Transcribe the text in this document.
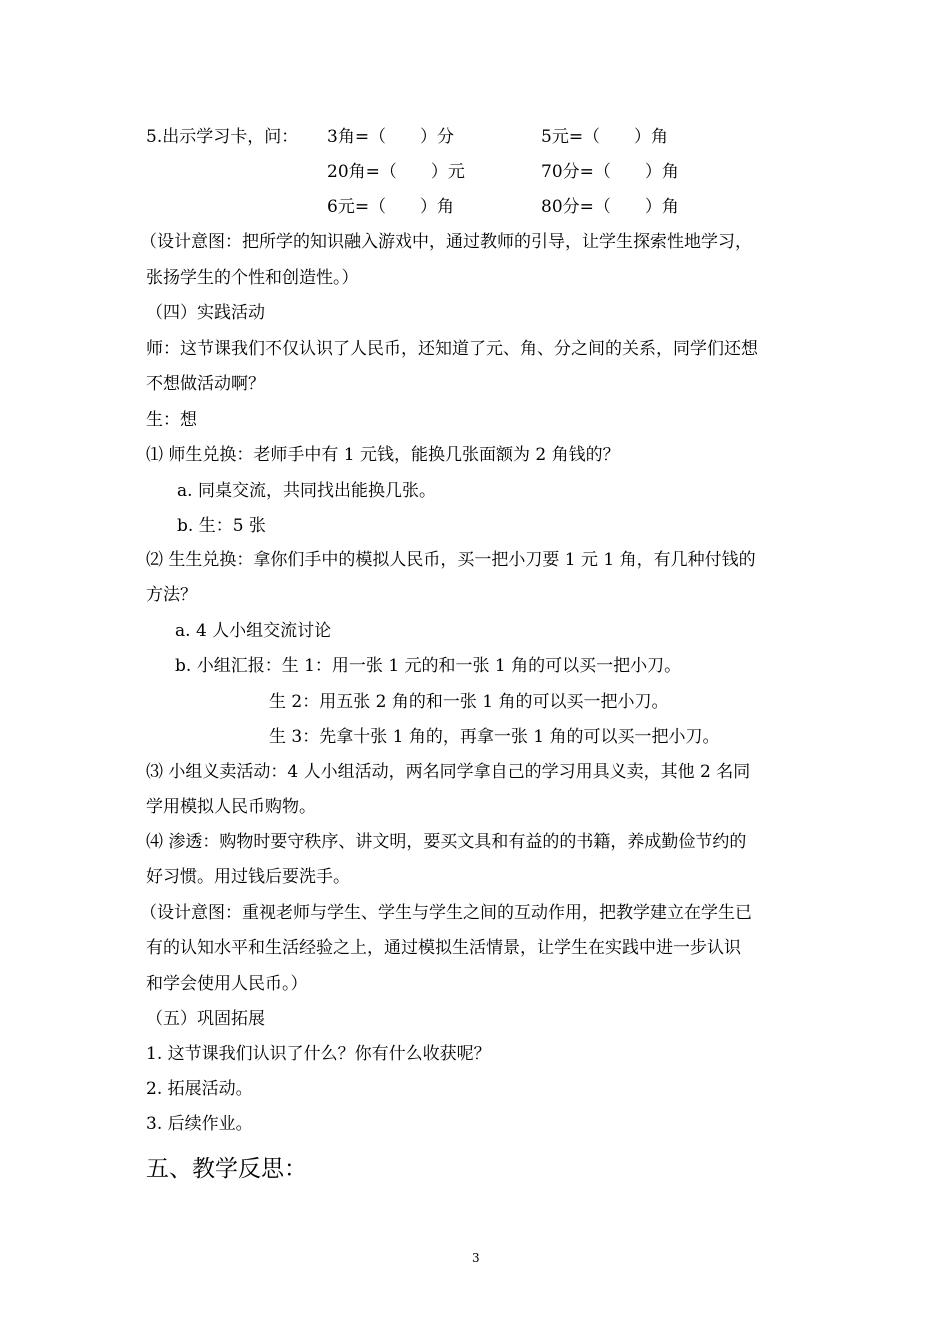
5.出示学习卡，问： 3角=（　　）分	5元=（　　）角
20角=（　　）元	70分=（　　）角
6元=（　　）角	80分=（　　）角
（设计意图：把所学的知识融入游戏中，通过教师的引导，让学生探索性地学习，
张扬学生的个性和创造性。）
（四）实践活动
师：这节课我们不仅认识了人民币，还知道了元、角、分之间的关系，同学们还想
不想做活动啊？
生：想
⑴ 师生兑换：老师手中有 1 元钱，能换几张面额为 2 角钱的？
a. 同桌交流，共同找出能换几张。
b. 生：5 张
⑵ 生生兑换：拿你们手中的模拟人民币，买一把小刀要 1 元 1 角，有几种付钱的
方法？
a. 4 人小组交流讨论
b. 小组汇报：生 1：用一张 1 元的和一张 1 角的可以买一把小刀。
生 2：用五张 2 角的和一张 1 角的可以买一把小刀。
生 3：先拿十张 1 角的，再拿一张 1 角的可以买一把小刀。
⑶ 小组义卖活动：4 人小组活动，两名同学拿自己的学习用具义卖，其他 2 名同
学用模拟人民币购物。
⑷ 渗透：购物时要守秩序、讲文明，要买文具和有益的的书籍，养成勤俭节约的
好习惯。用过钱后要洗手。
（设计意图：重视老师与学生、学生与学生之间的互动作用，把教学建立在学生已
有的认知水平和生活经验之上，通过模拟生活情景，让学生在实践中进一步认识
和学会使用人民币。）
（五）巩固拓展
1. 这节课我们认识了什么？你有什么收获呢？
2. 拓展活动。
3. 后续作业。
五、教学反思：
3
